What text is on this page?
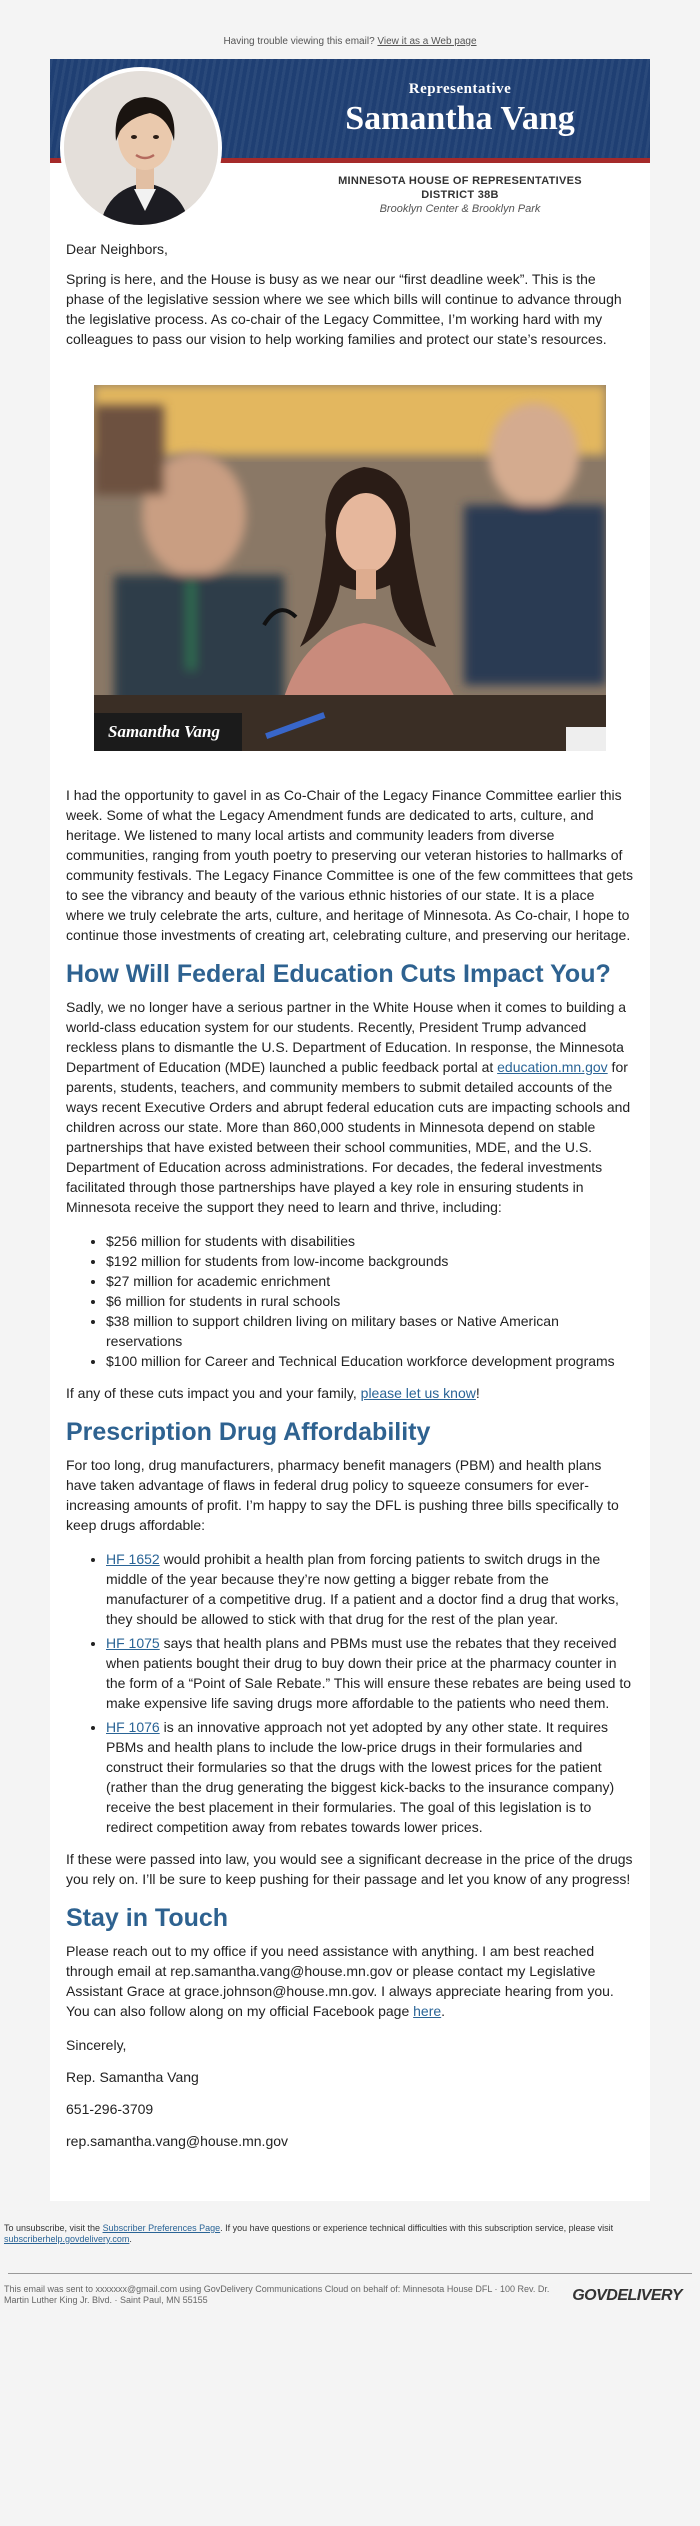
Having trouble viewing this email? View it as a Web page
Representative
Samantha Vang
MINNESOTA HOUSE OF REPRESENTATIVES
DISTRICT 38B
Brooklyn Center & Brooklyn Park

Dear Neighbors,

Spring is here, and the House is busy as we near our “first deadline week”. This is the phase of the legislative session where we see which bills will continue to advance through the legislative process. As co-chair of the Legacy Committee, I’m working hard with my colleagues to pass our vision to help working families and protect our state’s resources.

Samantha Vang

I had the opportunity to gavel in as Co-Chair of the Legacy Finance Committee earlier this week. Some of what the Legacy Amendment funds are dedicated to arts, culture, and heritage. We listened to many local artists and community leaders from diverse communities, ranging from youth poetry to preserving our veteran histories to hallmarks of community festivals. The Legacy Finance Committee is one of the few committees that gets to see the vibrancy and beauty of the various ethnic histories of our state. It is a place where we truly celebrate the arts, culture, and heritage of Minnesota. As Co-chair, I hope to continue those investments of creating art, celebrating culture, and preserving our heritage.

How Will Federal Education Cuts Impact You?

Sadly, we no longer have a serious partner in the White House when it comes to building a world-class education system for our students. Recently, President Trump advanced reckless plans to dismantle the U.S. Department of Education. In response, the Minnesota Department of Education (MDE) launched a public feedback portal at education.mn.gov for parents, students, teachers, and community members to submit detailed accounts of the ways recent Executive Orders and abrupt federal education cuts are impacting schools and children across our state. More than 860,000 students in Minnesota depend on stable partnerships that have existed between their school communities, MDE, and the U.S. Department of Education across administrations. For decades, the federal investments facilitated through those partnerships have played a key role in ensuring students in Minnesota receive the support they need to learn and thrive, including:

• $256 million for students with disabilities
• $192 million for students from low-income backgrounds
• $27 million for academic enrichment
• $6 million for students in rural schools
• $38 million to support children living on military bases or Native American reservations
• $100 million for Career and Technical Education workforce development programs

If any of these cuts impact you and your family, please let us know!

Prescription Drug Affordability

For too long, drug manufacturers, pharmacy benefit managers (PBM) and health plans have taken advantage of flaws in federal drug policy to squeeze consumers for ever-increasing amounts of profit. I’m happy to say the DFL is pushing three bills specifically to keep drugs affordable:

• HF 1652 would prohibit a health plan from forcing patients to switch drugs in the middle of the year because they’re now getting a bigger rebate from the manufacturer of a competitive drug. If a patient and a doctor find a drug that works, they should be allowed to stick with that drug for the rest of the plan year.
• HF 1075 says that health plans and PBMs must use the rebates that they received when patients bought their drug to buy down their price at the pharmacy counter in the form of a “Point of Sale Rebate.” This will ensure these rebates are being used to make expensive life saving drugs more affordable to the patients who need them.
• HF 1076 is an innovative approach not yet adopted by any other state. It requires PBMs and health plans to include the low-price drugs in their formularies and construct their formularies so that the drugs with the lowest prices for the patient (rather than the drug generating the biggest kick-backs to the insurance company) receive the best placement in their formularies. The goal of this legislation is to redirect competition away from rebates towards lower prices.

If these were passed into law, you would see a significant decrease in the price of the drugs you rely on. I’ll be sure to keep pushing for their passage and let you know of any progress!

Stay in Touch

Please reach out to my office if you need assistance with anything. I am best reached through email at rep.samantha.vang@house.mn.gov or please contact my Legislative Assistant Grace at grace.johnson@house.mn.gov. I always appreciate hearing from you. You can also follow along on my official Facebook page here.

Sincerely,

Rep. Samantha Vang

651-296-3709

rep.samantha.vang@house.mn.gov

To unsubscribe, visit the Subscriber Preferences Page. If you have questions or experience technical difficulties with this subscription service, please visit subscriberhelp.govdelivery.com.
This email was sent to xxxxxxx@gmail.com using GovDelivery Communications Cloud on behalf of: Minnesota House DFL · 100 Rev. Dr. Martin Luther King Jr. Blvd. · Saint Paul, MN 55155	GOVDELIVERY
